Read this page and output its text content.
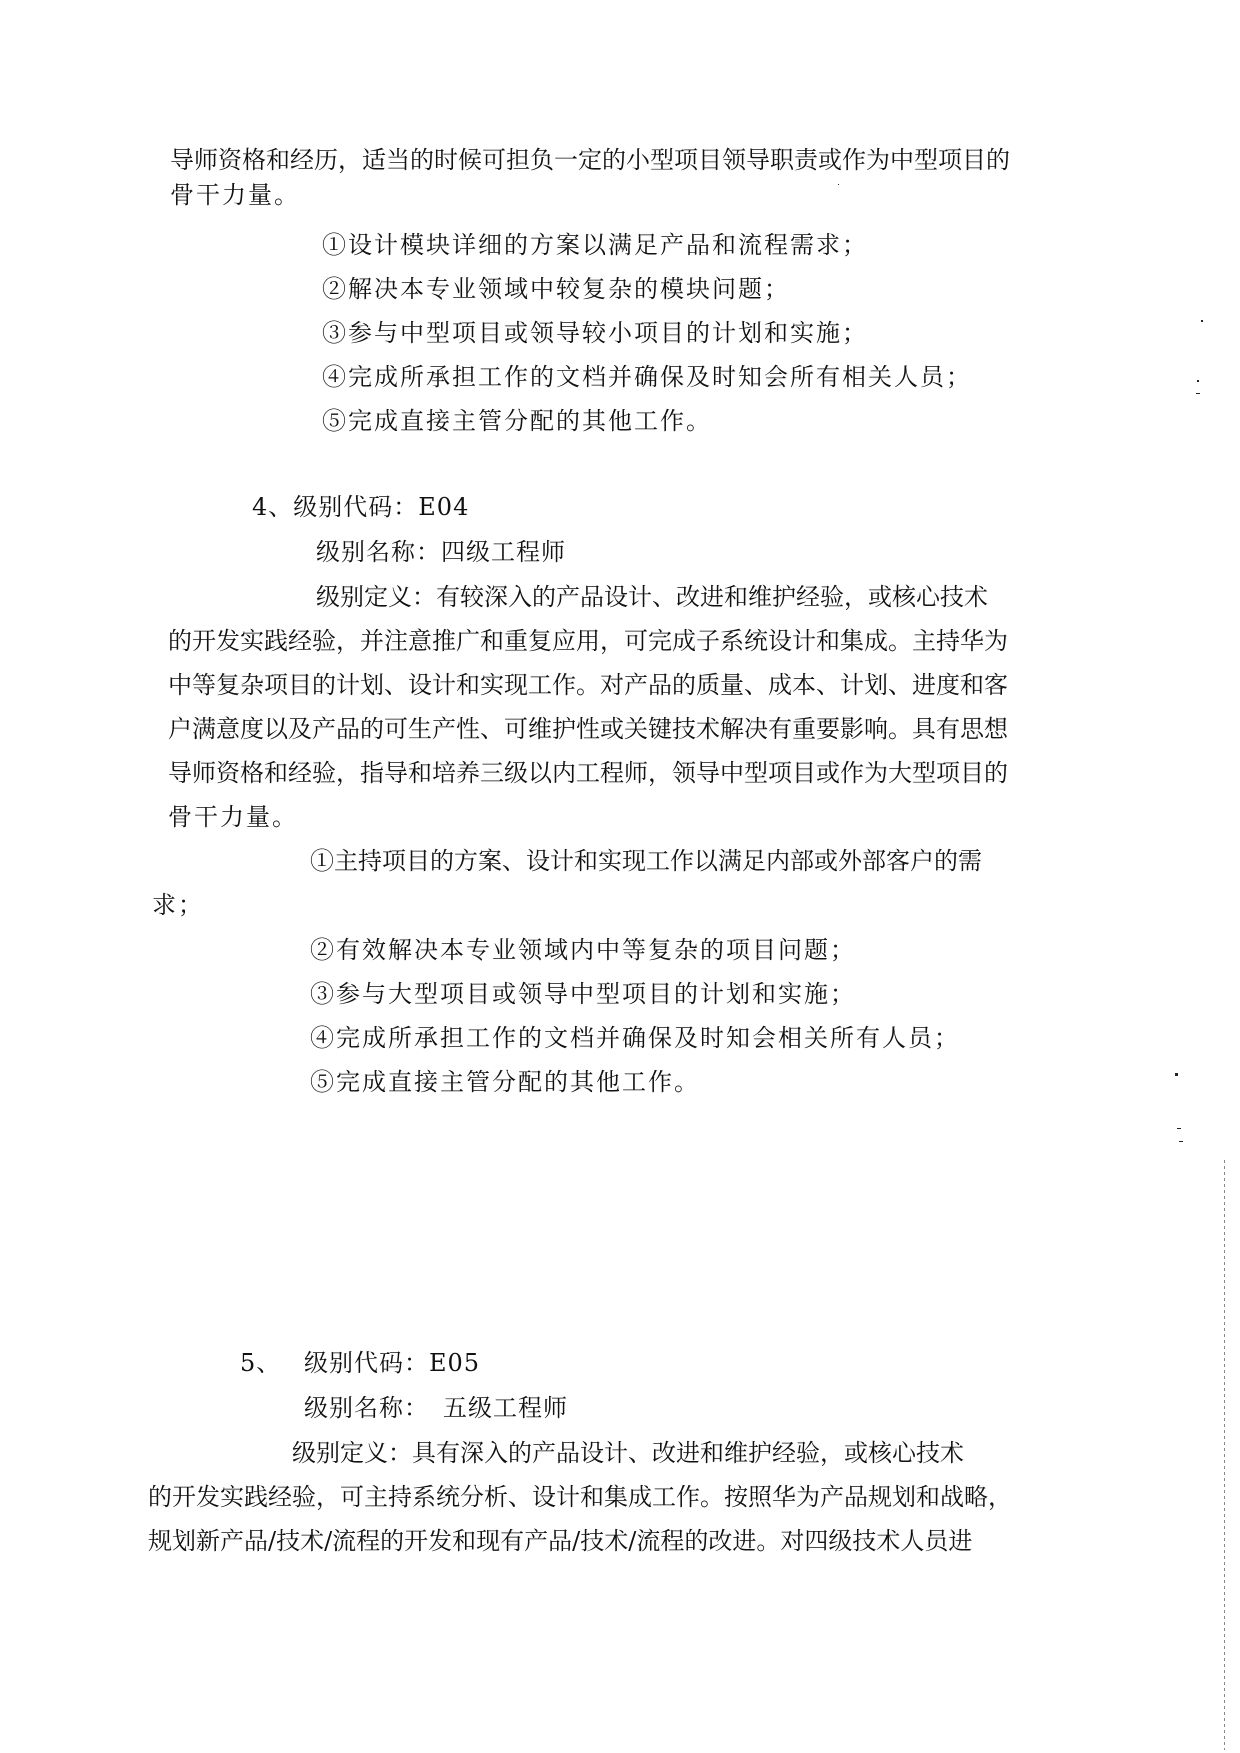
导师资格和经历，适当的时候可担负一定的小型项目领导职责或作为中型项目的
骨干力量。
①设计模块详细的方案以满足产品和流程需求；
②解决本专业领域中较复杂的模块问题；
③参与中型项目或领导较小项目的计划和实施；
④完成所承担工作的文档并确保及时知会所有相关人员；
⑤完成直接主管分配的其他工作。
4、级别代码：E04
级别名称：四级工程师
级别定义：有较深入的产品设计、改进和维护经验，或核心技术
的开发实践经验，并注意推广和重复应用，可完成子系统设计和集成。主持华为
中等复杂项目的计划、设计和实现工作。对产品的质量、成本、计划、进度和客
户满意度以及产品的可生产性、可维护性或关键技术解决有重要影响。具有思想
导师资格和经验，指导和培养三级以内工程师，领导中型项目或作为大型项目的
骨干力量。
①主持项目的方案、设计和实现工作以满足内部或外部客户的需
求；
②有效解决本专业领域内中等复杂的项目问题；
③参与大型项目或领导中型项目的计划和实施；
④完成所承担工作的文档并确保及时知会相关所有人员；
⑤完成直接主管分配的其他工作。
5、 级别代码：E05
级别名称： 五级工程师
级别定义：具有深入的产品设计、改进和维护经验，或核心技术
的开发实践经验，可主持系统分析、设计和集成工作。按照华为产品规划和战略，
规划新产品/技术/流程的开发和现有产品/技术/流程的改进。对四级技术人员进
